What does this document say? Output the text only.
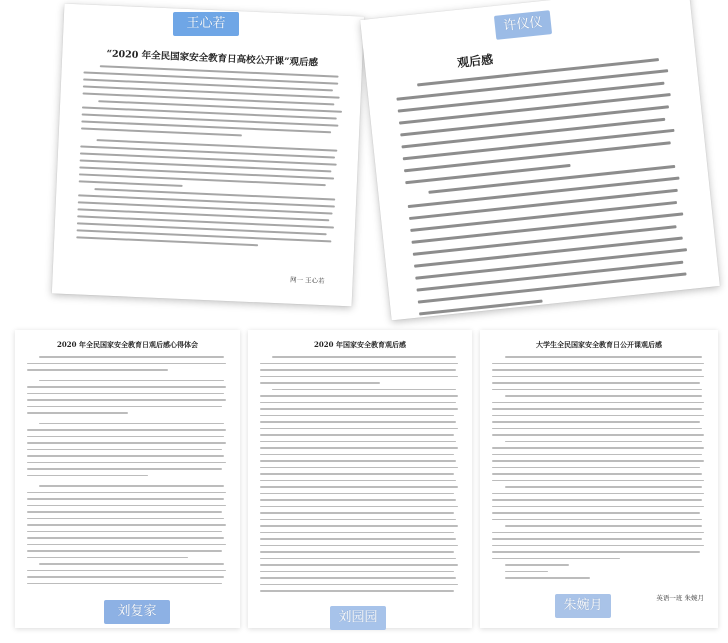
“2020 年全民国家安全教育日高校公开课”观后感

网一 王心若

观后感

2020 年全民国家安全教育日观后感心得体会	2020 年国家安全教育观后感	大学生全民国家安全教育日公开课观后感

英语一班 朱婉月
王心若	许仪仪
刘复家	刘园园
朱婉月
